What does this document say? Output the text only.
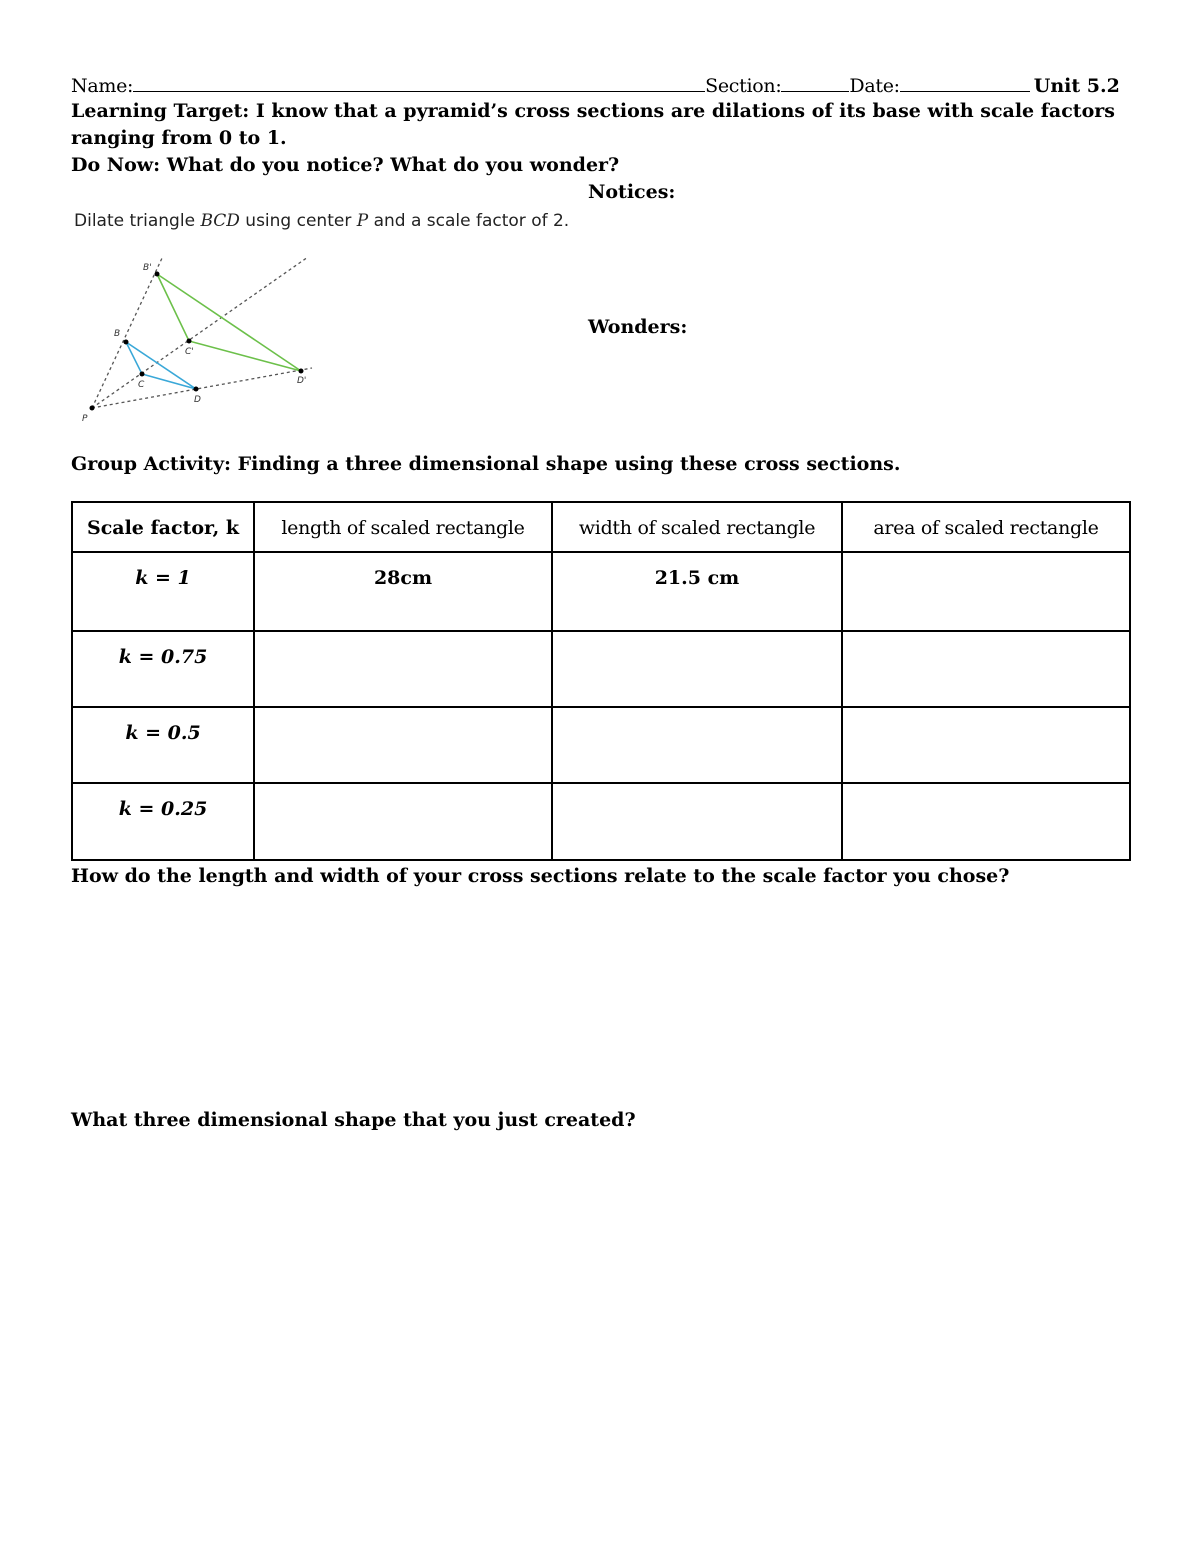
Name:	Section:	Date:	Unit 5.2
Learning Target: I know that a pyramid’s cross sections are dilations of its base with scale factors
ranging from 0 to 1.
Do Now: What do you notice? What do you wonder?
Notices:
Wonders:
Dilate triangle BCD using center P and a scale factor of 2.
P
B
C
D
B'
C'
D'
Group Activity: Finding a three dimensional shape using these cross sections.
Scale factor, k	length of scaled rectangle	width of scaled rectangle	area of scaled rectangle
k = 1	28cm	21.5 cm	
k = 0.75			
k = 0.5			
k = 0.25			
How do the length and width of your cross sections relate to the scale factor you chose?
What three dimensional shape that you just created?
